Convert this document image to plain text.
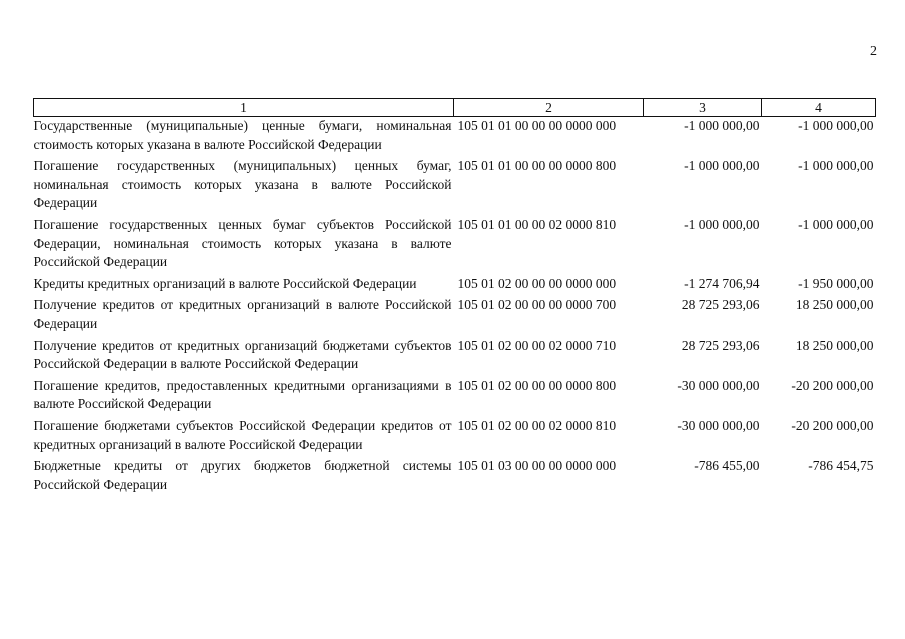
2
1	2	3	4
Государственные (муниципальные) ценные бумаги, номинальная стоимость которых указана в валюте Российской Федерации	105 01 01 00 00 00 0000 000	-1 000 000,00	-1 000 000,00
Погашение государственных (муниципальных) ценных бумаг, номинальная стоимость которых указана в валюте Российской Федерации	105 01 01 00 00 00 0000 800	-1 000 000,00	-1 000 000,00
Погашение государственных ценных бумаг субъектов Российской Федерации, номинальная стоимость которых указана в валюте Российской Федерации	105 01 01 00 00 02 0000 810	-1 000 000,00	-1 000 000,00
Кредиты кредитных организаций в валюте Российской Федерации	105 01 02 00 00 00 0000 000	-1 274 706,94	-1 950 000,00
Получение кредитов от кредитных организаций в валюте Российской Федерации	105 01 02 00 00 00 0000 700	28 725 293,06	18 250 000,00
Получение кредитов от кредитных организаций бюджетами субъектов Российской Федерации в валюте Российской Федерации	105 01 02 00 00 02 0000 710	28 725 293,06	18 250 000,00
Погашение кредитов, предоставленных кредитными организациями в валюте Российской Федерации	105 01 02 00 00 00 0000 800	-30 000 000,00	-20 200 000,00
Погашение бюджетами субъектов Российской Федерации кредитов от кредитных организаций в валюте Российской Федерации	105 01 02 00 00 02 0000 810	-30 000 000,00	-20 200 000,00
Бюджетные кредиты от других бюджетов бюджетной системы Российской Федерации	105 01 03 00 00 00 0000 000	-786 455,00	-786 454,75
